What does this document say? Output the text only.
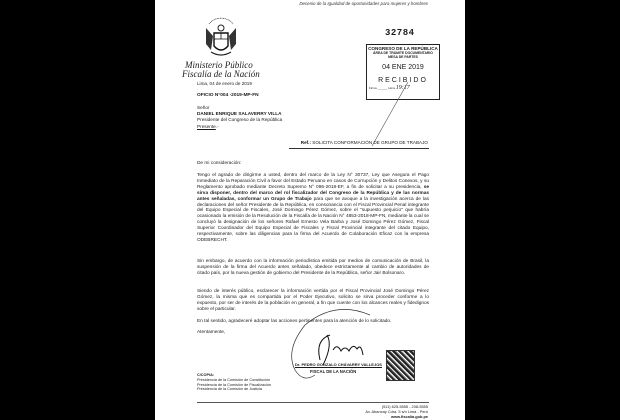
Decenio de la Igualdad de oportunidades para mujeres y hombres
Ministerio Público
Fiscalía de la Nación
Lima, 04 de enero de 2019
OFICIO N°004 -2019-MP-FN
Señor
DANIEL ENRIQUE SALAVERRY VILLA
Presidente del Congreso de la República
Presente.-
32784
CONGRESO DE LA REPÚBLICA
ÁREA DE TRÁMITE DOCUMENTARIO
MESA DE PARTES
04 ENE 2019
RECIBIDO
Firma ______ Hora 19:17
Ref.: SOLICITA CONFORMACIÓN DE GRUPO DE TRABAJO
De mi consideración:
Tengo el agrado de dirigirme a usted, dentro del marco de la Ley N° 30737, Ley que Asegura el Pago Inmediato de la Reparación Civil a favor del Estado Peruano en casos de Corrupción y Delitos Conexos, y su Reglamento aprobado mediante Decreto Supremo N° 096-2018-EF, a fin de solicitar a su presidencia, se sirva disponer, dentro del marco del rol fiscalizador del Congreso de la República y de las normas antes señaladas, conformar un Grupo de Trabajo para que se avoque a la investigación acerca de las declaraciones del señor Presidente de la República, en consonancia con el Fiscal Provincial Penal integrante del Equipo Especial de Fiscales, José Domingo Pérez Gómez, sobre el "supuesto perjuicio" que habría ocasionado la emisión de la Resolución de la Fiscalía de la Nación N° 4853-2018-MP-FN, mediante la cual se concluyó la designación de los señores Rafael Ernesto Vela Barba y José Domingo Pérez Gómez, Fiscal Superior Coordinador del Equipo Especial de Fiscales y Fiscal Provincial integrante del citado Equipo, respectivamente, sobre las diligencias para la firma del Acuerdo de Colaboración Eficaz con la empresa ODEBRECHT.
Sin embargo, de acuerdo con la información periodística emitida por medios de comunicación de Brasil, la suspensión de la firma del Acuerdo antes señalado, obedece estrictamente al cambio de autoridades de citado país, por la nueva gestión de gobierno del Presidente de la República, señor Jair Bolsonaro.
Siendo de interés público, esclarecer la información vertida por el Fiscal Provincial José Domingo Pérez Gómez, la misma que es compartida por el Poder Ejecutivo, solicito se sirva proceder conforme a lo expuesto, por ser de interés de la población en general, a fin que cuente con los alcances reales y fidedignos sobre el particular.
En tal sentido, agradeceré adoptar las acciones pertinentes para la atención de lo solicitado.
Atentamente,
Dr. PEDRO GONZALO CHÁVARRY VALLEJOS
FISCAL DE LA NACIÓN
C/COPIA:
Presidencia de la Comisión de Constitución
Presidencia de la Comisión de Fiscalización
Presidencia de la Comisión de Justicia
(511) 625-5555 - 208-5555
Av. Abancay Cdra. 5 s/n Lima - Perú
www.fiscalia.gob.pe
